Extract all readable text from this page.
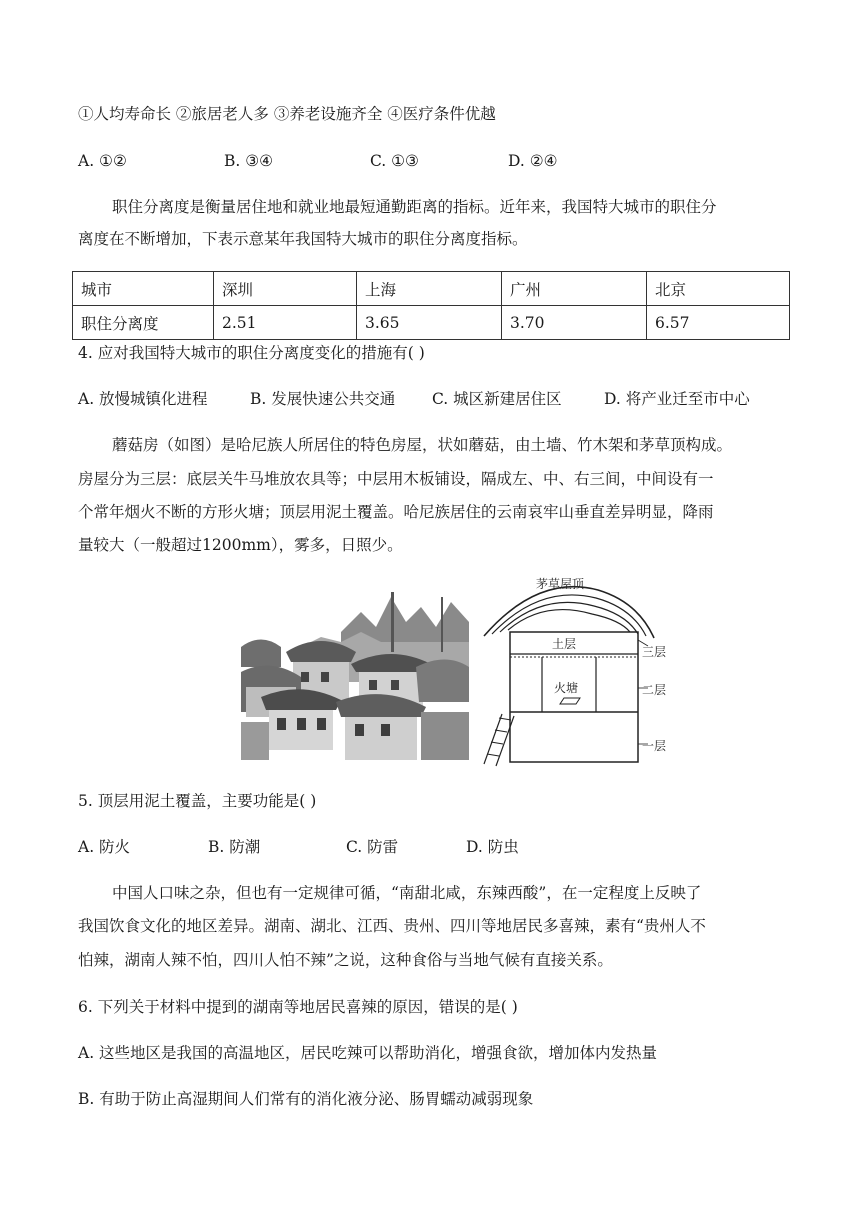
①人均寿命长 ②旅居老人多 ③养老设施齐全 ④医疗条件优越
A. ①②	B. ③④	C. ①③	D. ②④
职住分离度是衡量居住地和就业地最短通勤距离的指标。近年来，我国特大城市的职住分
离度在不断增加，下表示意某年我国特大城市的职住分离度指标。
城市	深圳	上海	广州	北京
职住分离度	2.51	3.65	3.70	6.57
4. 应对我国特大城市的职住分离度变化的措施有( )
A. 放慢城镇化进程	B. 发展快速公共交通 C. 城区新建居住区	D. 将产业迁至市中心
蘑菇房（如图）是哈尼族人所居住的特色房屋，状如蘑菇，由土墙、竹木架和茅草顶构成。
房屋分为三层：底层关牛马堆放农具等；中层用木板铺设，隔成左、中、右三间，中间设有一
个常年烟火不断的方形火塘；顶层用泥土覆盖。哈尼族居住的云南哀牢山垂直差异明显，降雨
量较大（一般超过1200mm），雾多，日照少。
茅草屋顶
土层
火塘
三层
二层
一层
5. 顶层用泥土覆盖，主要功能是( )
A. 防火	B. 防潮	C. 防雷	D. 防虫
中国人口味之杂，但也有一定规律可循，“南甜北咸，东辣西酸”，在一定程度上反映了
我国饮食文化的地区差异。湖南、湖北、江西、贵州、四川等地居民多喜辣，素有“贵州人不
怕辣，湖南人辣不怕，四川人怕不辣”之说，这种食俗与当地气候有直接关系。
6. 下列关于材料中提到的湖南等地居民喜辣的原因，错误的是( )
A. 这些地区是我国的高温地区，居民吃辣可以帮助消化，增强食欲，增加体内发热量
B. 有助于防止高湿期间人们常有的消化液分泌、肠胃蠕动减弱现象
